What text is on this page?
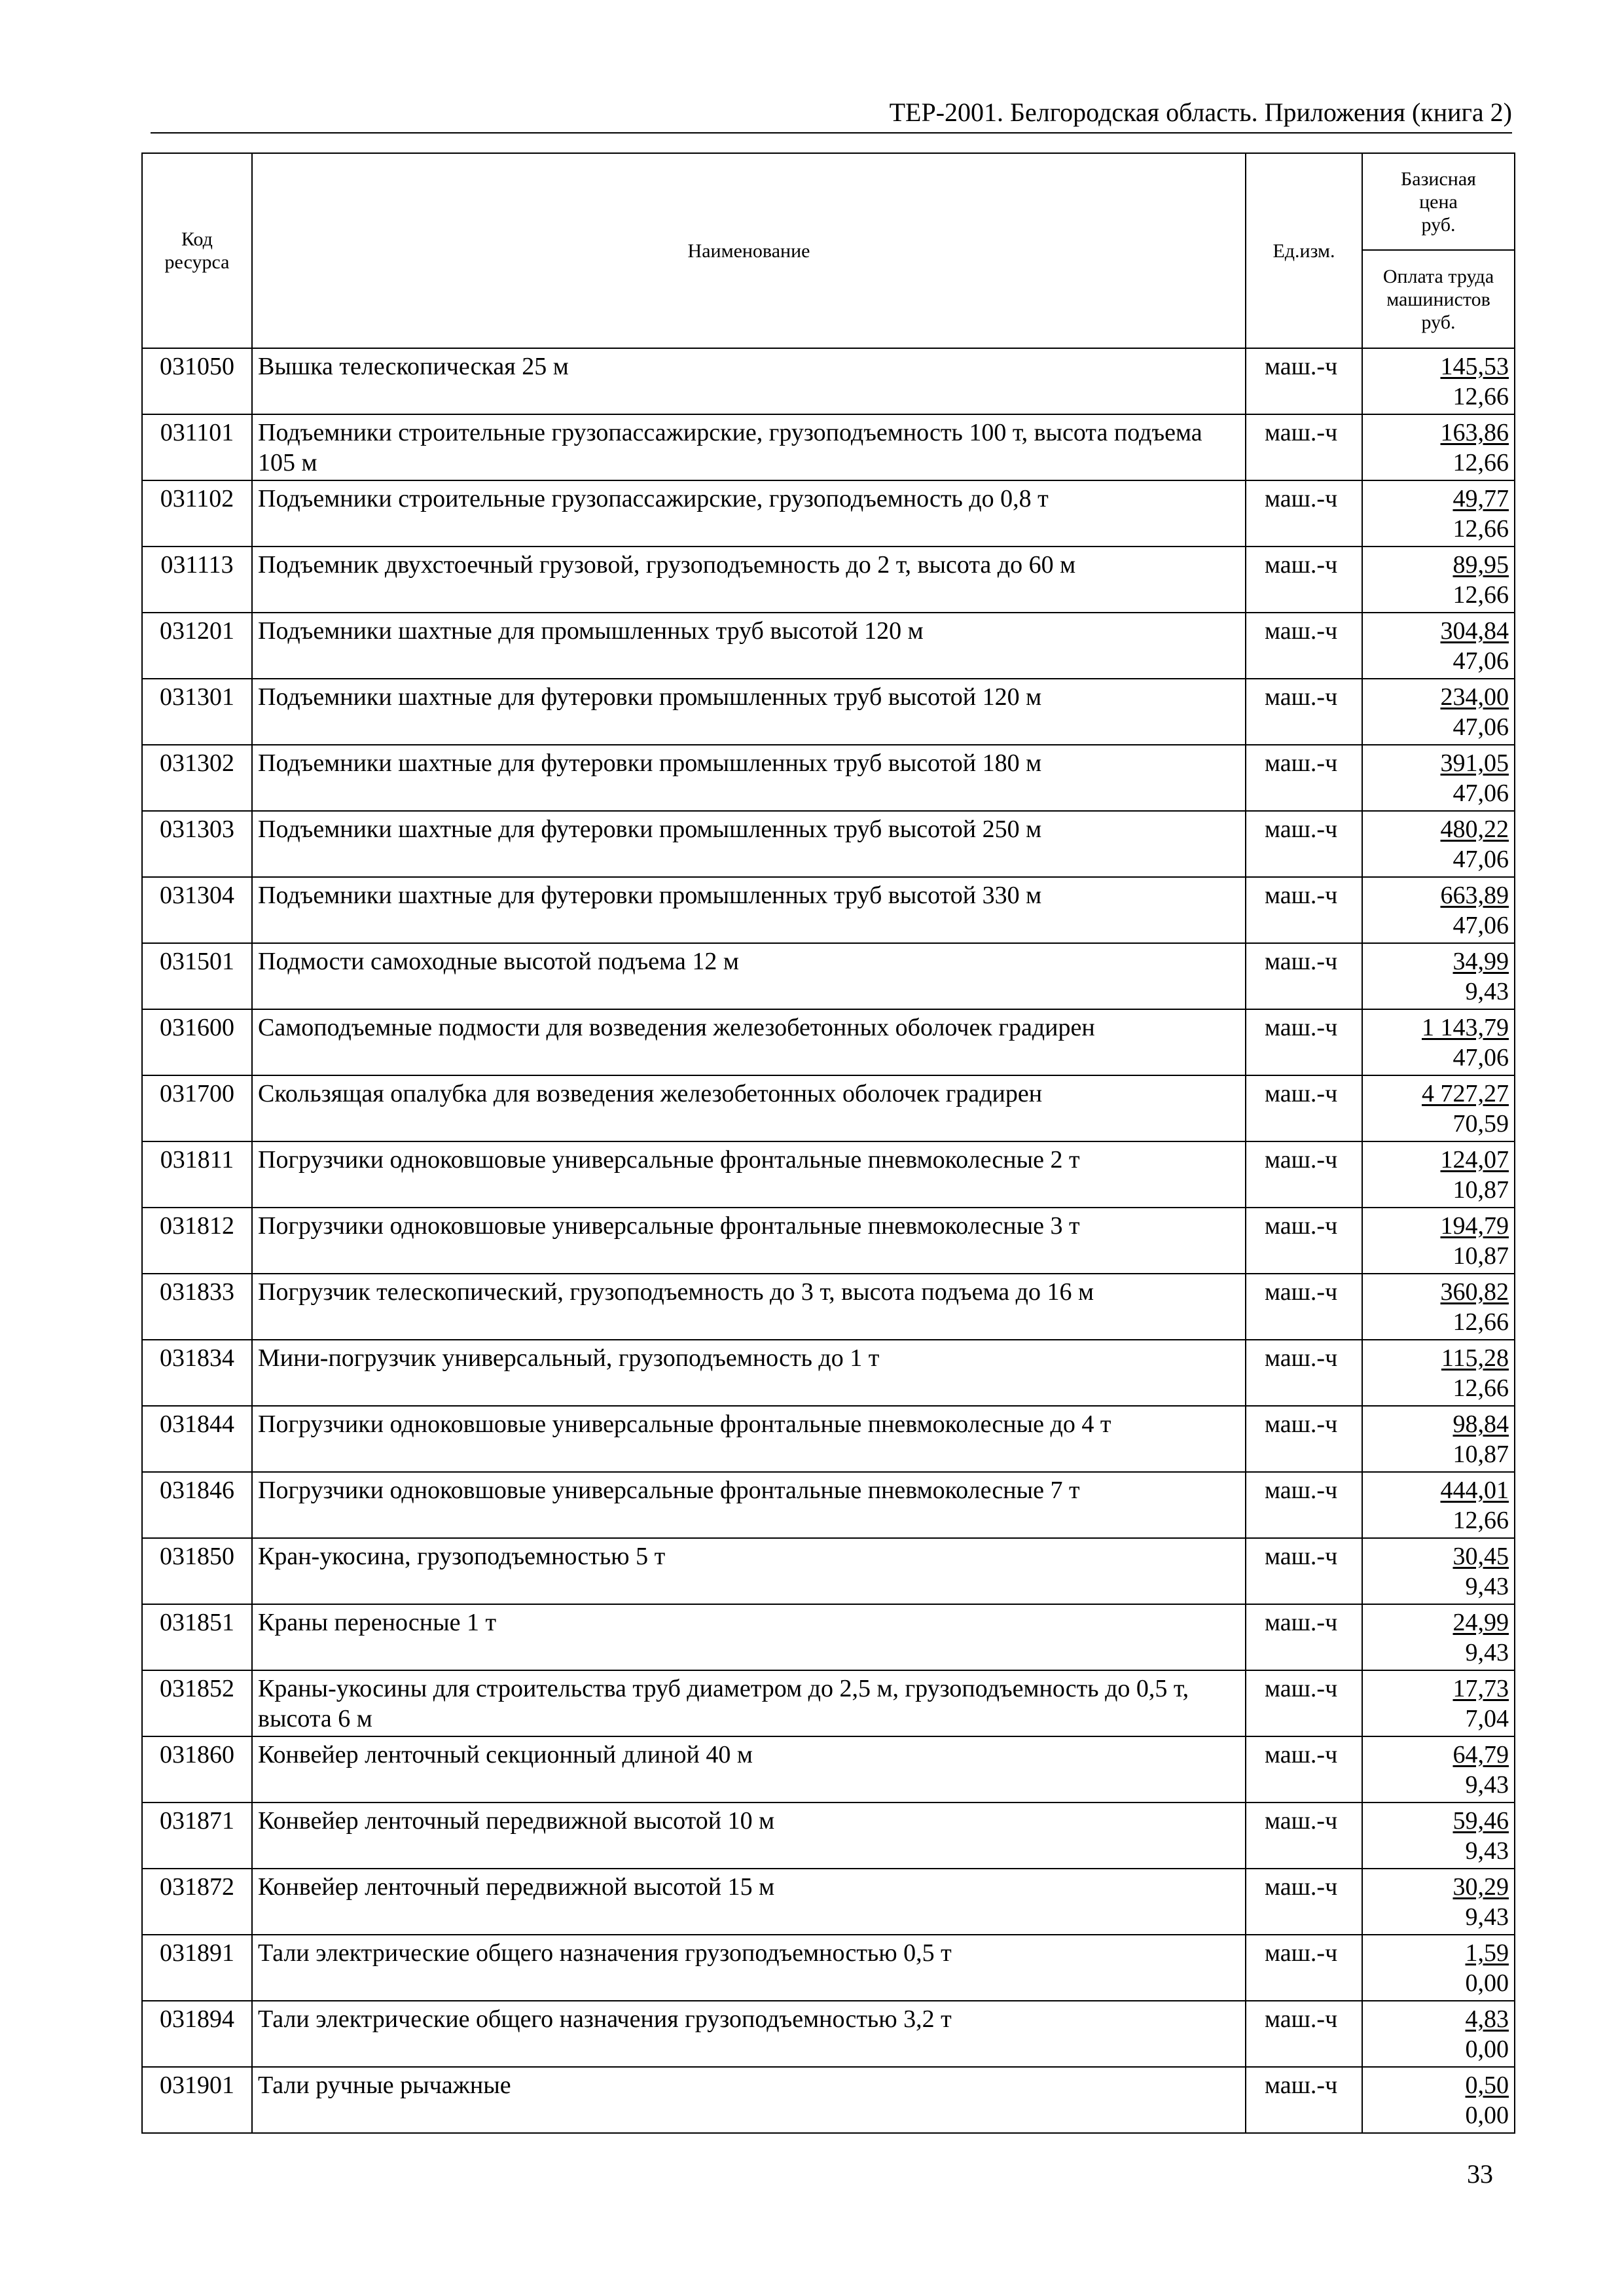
ТЕР-2001. Белгородская область. Приложения (книга 2)
Код
ресурса	Наименование	Ед.изм.	Базисная
цена
руб.

			Оплата труда
машинистов
руб.

031050	Вышка телескопическая 25 м	маш.-ч	145,53
12,66

031101	Подъемники строительные грузопассажирские, грузоподъемность 100 т, высота подъема 105 м	маш.-ч	163,86
12,66

031102	Подъемники строительные грузопассажирские, грузоподъемность до 0,8 т	маш.-ч	49,77
12,66

031113	Подъемник двухстоечный грузовой, грузоподъемность до 2 т, высота до 60 м	маш.-ч	89,95
12,66

031201	Подъемники шахтные для промышленных труб высотой 120 м	маш.-ч	304,84
47,06

031301	Подъемники шахтные для футеровки промышленных труб высотой 120 м	маш.-ч	234,00
47,06

031302	Подъемники шахтные для футеровки промышленных труб высотой 180 м	маш.-ч	391,05
47,06

031303	Подъемники шахтные для футеровки промышленных труб высотой 250 м	маш.-ч	480,22
47,06

031304	Подъемники шахтные для футеровки промышленных труб высотой 330 м	маш.-ч	663,89
47,06

031501	Подмости самоходные высотой подъема 12 м	маш.-ч	34,99
9,43

031600	Самоподъемные подмости для возведения железобетонных оболочек градирен	маш.-ч	1 143,79
47,06

031700	Скользящая опалубка для возведения железобетонных оболочек градирен	маш.-ч	4 727,27
70,59

031811	Погрузчики одноковшовые универсальные фронтальные пневмоколесные 2 т	маш.-ч	124,07
10,87

031812	Погрузчики одноковшовые универсальные фронтальные пневмоколесные 3 т	маш.-ч	194,79
10,87

031833	Погрузчик телескопический, грузоподъемность до 3 т, высота подъема до 16 м	маш.-ч	360,82
12,66

031834	Мини-погрузчик универсальный, грузоподъемность до 1 т	маш.-ч	115,28
12,66

031844	Погрузчики одноковшовые универсальные фронтальные пневмоколесные до 4 т	маш.-ч	98,84
10,87

031846	Погрузчики одноковшовые универсальные фронтальные пневмоколесные 7 т	маш.-ч	444,01
12,66

031850	Кран-укосина, грузоподъемностью 5 т	маш.-ч	30,45
9,43

031851	Краны переносные 1 т	маш.-ч	24,99
9,43

031852	Краны-укосины для строительства труб диаметром до 2,5 м, грузоподъемность до 0,5 т, высота 6 м	маш.-ч	17,73
7,04

031860	Конвейер ленточный секционный длиной 40 м	маш.-ч	64,79
9,43

031871	Конвейер ленточный передвижной высотой 10 м	маш.-ч	59,46
9,43

031872	Конвейер ленточный передвижной высотой 15 м	маш.-ч	30,29
9,43

031891	Тали электрические общего назначения грузоподъемностью 0,5 т	маш.-ч	1,59
0,00

031894	Тали электрические общего назначения грузоподъемностью 3,2 т	маш.-ч	4,83
0,00

031901	Тали ручные рычажные	маш.-ч	0,50
0,00
33
